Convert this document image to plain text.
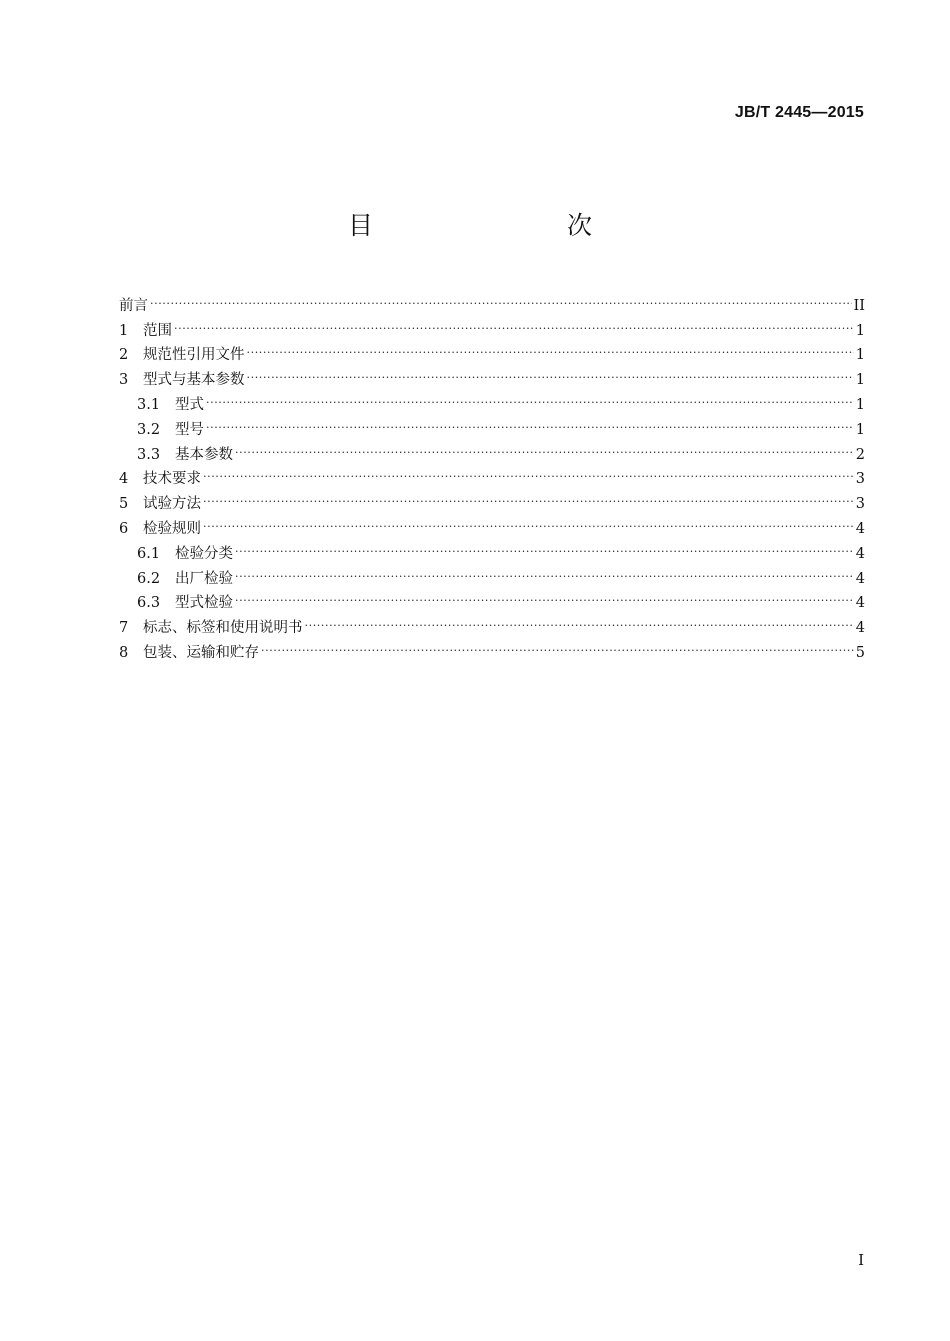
JB/T 2445—2015
目　　次
前言 .....	II
1	范围 .....	1
2	规范性引用文件 .....	1
3	型式与基本参数 .....	1
3.1	型式 .....	1
3.2	型号 .....	1
3.3	基本参数 .....	2
4	技术要求 .....	3
5	试验方法 .....	3
6	检验规则 .....	4
6.1	检验分类 .....	4
6.2	出厂检验 .....	4
6.3	型式检验 .....	4
7	标志、标签和使用说明书 .....	4
8	包装、运输和贮存 .....	5
I
